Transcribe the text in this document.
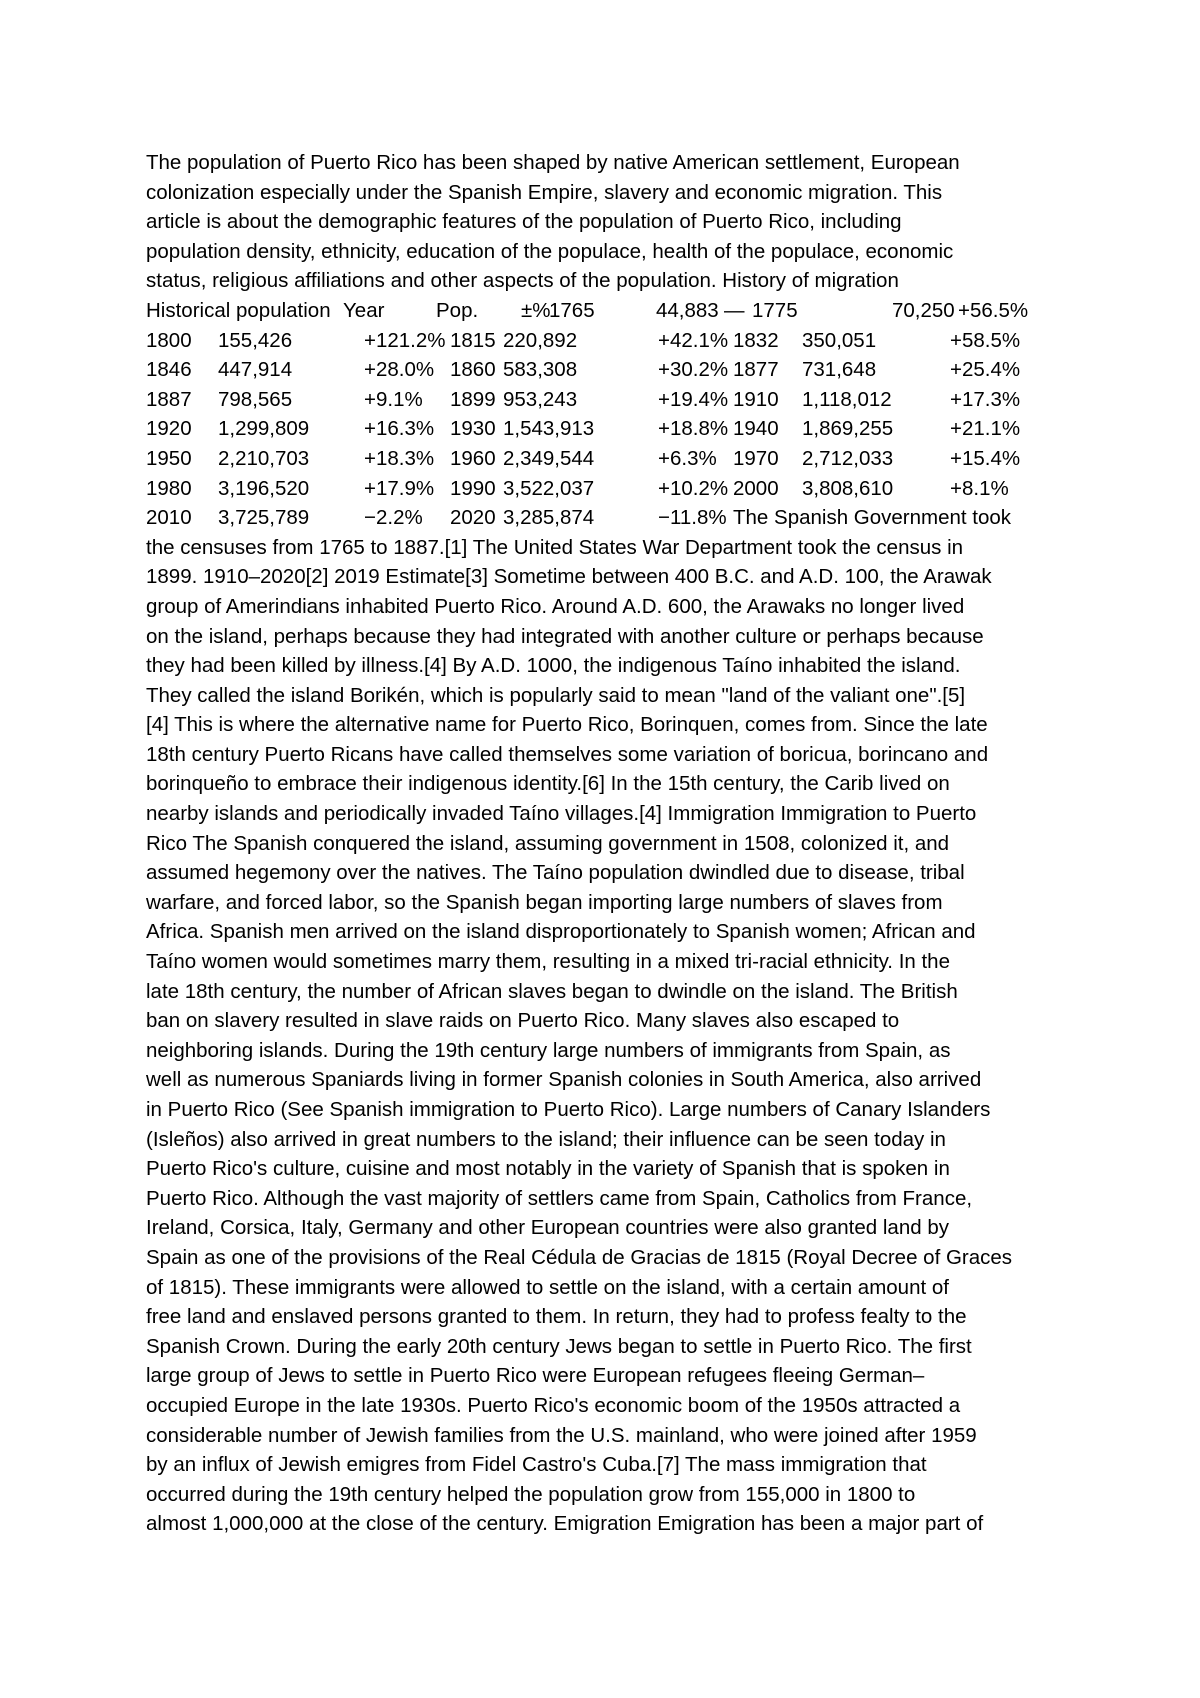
The population of Puerto Rico has been shaped by native American settlement, European
colonization especially under the Spanish Empire, slavery and economic migration. This
article is about the demographic features of the population of Puerto Rico, including
population density, ethnicity, education of the populace, health of the populace, economic
status, religious affiliations and other aspects of the population. History of migration
Historical population Year	Pop. ±%
1765	44,883 — 1775	70,250 +56.5%
1800 155,426	+121.2% 1815 220,892	+42.1% 1832 350,051	+58.5%
1846 447,914	+28.0% 1860 583,308	+30.2% 1877 731,648	+25.4%
1887 798,565	+9.1% 1899 953,243	+19.4% 1910 1,118,012	+17.3%
1920 1,299,809	+16.3% 1930 1,543,913	+18.8% 1940 1,869,255	+21.1%
1950 2,210,703	+18.3% 1960 2,349,544	+6.3% 1970 2,712,033	+15.4%
1980 3,196,520	+17.9% 1990 3,522,037	+10.2% 2000 3,808,610	+8.1%
2010 3,725,789	−2.2% 2020 3,285,874	−11.8% The Spanish Government took
the censuses from 1765 to 1887.[1] The United States War Department took the census in
1899. 1910–2020[2] 2019 Estimate[3] Sometime between 400 B.C. and A.D. 100, the Arawak
group of Amerindians inhabited Puerto Rico. Around A.D. 600, the Arawaks no longer lived
on the island, perhaps because they had integrated with another culture or perhaps because
they had been killed by illness.[4] By A.D. 1000, the indigenous Taíno inhabited the island.
They called the island Borikén, which is popularly said to mean "land of the valiant one".[5]
[4] This is where the alternative name for Puerto Rico, Borinquen, comes from. Since the late
18th century Puerto Ricans have called themselves some variation of boricua, borincano and
borinqueño to embrace their indigenous identity.[6] In the 15th century, the Carib lived on
nearby islands and periodically invaded Taíno villages.[4] Immigration Immigration to Puerto
Rico The Spanish conquered the island, assuming government in 1508, colonized it, and
assumed hegemony over the natives. The Taíno population dwindled due to disease, tribal
warfare, and forced labor, so the Spanish began importing large numbers of slaves from
Africa. Spanish men arrived on the island disproportionately to Spanish women; African and
Taíno women would sometimes marry them, resulting in a mixed tri-racial ethnicity. In the
late 18th century, the number of African slaves began to dwindle on the island. The British
ban on slavery resulted in slave raids on Puerto Rico. Many slaves also escaped to
neighboring islands. During the 19th century large numbers of immigrants from Spain, as
well as numerous Spaniards living in former Spanish colonies in South America, also arrived
in Puerto Rico (See Spanish immigration to Puerto Rico). Large numbers of Canary Islanders
(Isleños) also arrived in great numbers to the island; their influence can be seen today in
Puerto Rico's culture, cuisine and most notably in the variety of Spanish that is spoken in
Puerto Rico. Although the vast majority of settlers came from Spain, Catholics from France,
Ireland, Corsica, Italy, Germany and other European countries were also granted land by
Spain as one of the provisions of the Real Cédula de Gracias de 1815 (Royal Decree of Graces
of 1815). These immigrants were allowed to settle on the island, with a certain amount of
free land and enslaved persons granted to them. In return, they had to profess fealty to the
Spanish Crown. During the early 20th century Jews began to settle in Puerto Rico. The first
large group of Jews to settle in Puerto Rico were European refugees fleeing German–
occupied Europe in the late 1930s. Puerto Rico's economic boom of the 1950s attracted a
considerable number of Jewish families from the U.S. mainland, who were joined after 1959
by an influx of Jewish emigres from Fidel Castro's Cuba.[7] The mass immigration that
occurred during the 19th century helped the population grow from 155,000 in 1800 to
almost 1,000,000 at the close of the century. Emigration Emigration has been a major part of
